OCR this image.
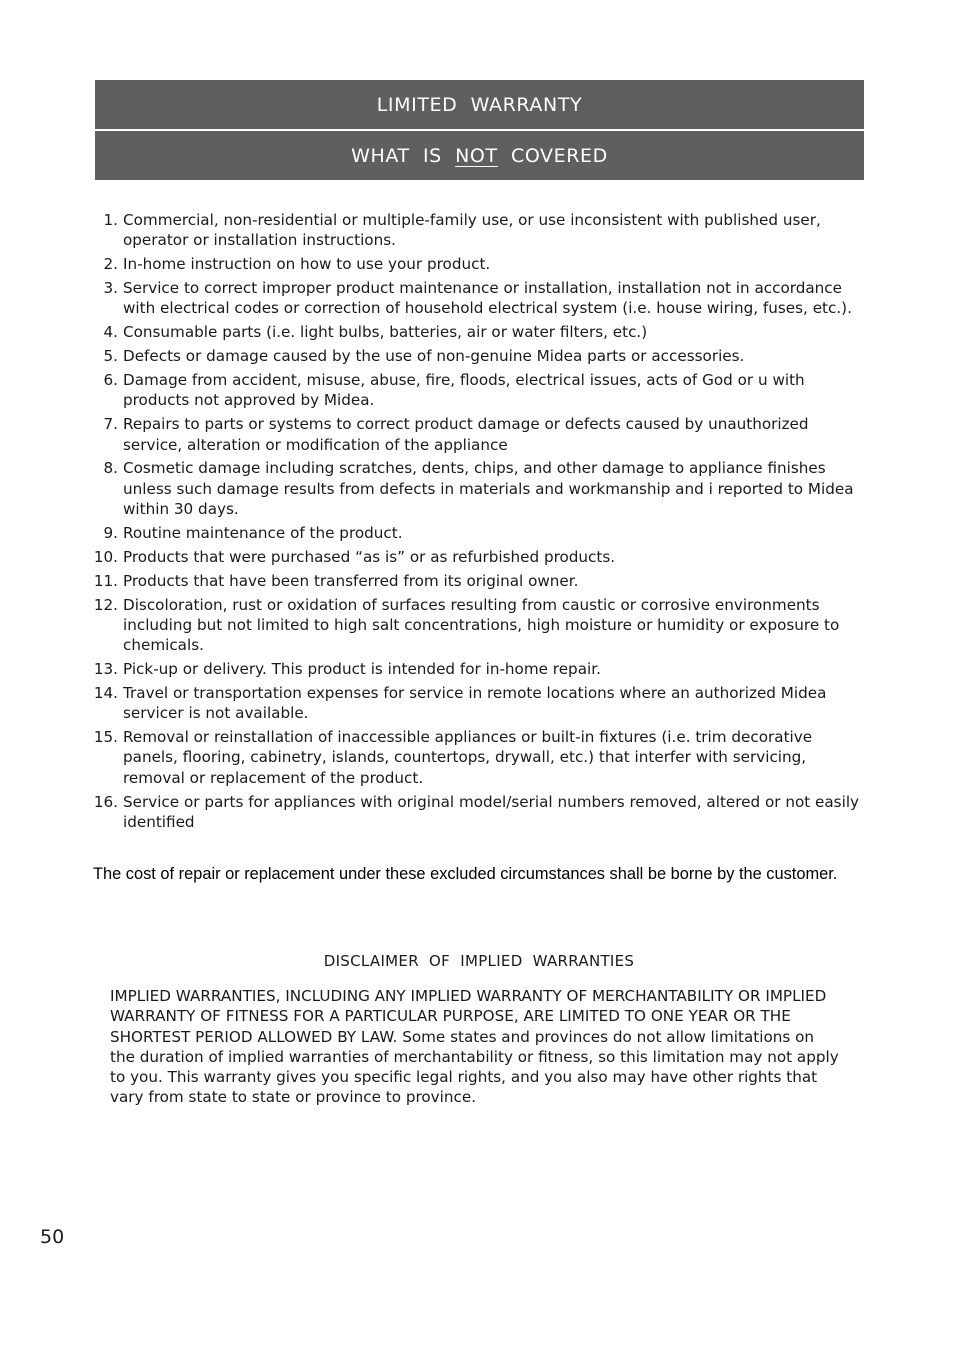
LIMITED  WARRANTY
WHAT  IS NOT COVERED
1. Commercial, non-residential or multiple-family use, or use inconsistent with published user, operator or installation instructions.
2. In-home instruction on how to use your product.
3. Service to correct improper product maintenance or installation, installation not in accordance with electrical codes or correction of household electrical system (i.e. house wiring, fuses, etc.).
4. Consumable parts (i.e. light bulbs, batteries, air or water filters, etc.)
5. Defects or damage caused by the use of non-genuine Midea parts or accessories.
6. Damage from accident, misuse, abuse, fire, floods, electrical issues, acts of God or u with products not approved by Midea.
7. Repairs to parts or systems to correct product damage or defects caused by unauthorized service, alteration or modification of the appliance
8. Cosmetic damage including scratches, dents, chips, and other damage to appliance finishes unless such damage results from defects in materials and workmanship and i reported to Midea within 30 days.
9. Routine maintenance of the product.
10. Products that were purchased “as is” or as refurbished products.
11. Products that have been transferred from its original owner.
12. Discoloration, rust or oxidation of surfaces resulting from caustic or corrosive environments including but not limited to high salt concentrations, high moisture or humidity or exposure to chemicals.
13. Pick-up or delivery. This product is intended for in-home repair.
14. Travel or transportation expenses for service in remote locations where an authorized Midea servicer is not available.
15. Removal or reinstallation of inaccessible appliances or built-in fixtures (i.e. trim decorative panels, flooring, cabinetry, islands, countertops, drywall, etc.) that interfer with servicing, removal or replacement of the product.
16. Service or parts for appliances with original model/serial numbers removed, altered or not easily identified

The cost of repair or replacement under these excluded circumstances shall be borne by the customer.

DISCLAIMER  OF  IMPLIED  WARRANTIES

IMPLIED WARRANTIES, INCLUDING ANY IMPLIED WARRANTY OF MERCHANTABILITY OR IMPLIED WARRANTY OF FITNESS FOR A PARTICULAR PURPOSE, ARE LIMITED TO ONE YEAR OR THE SHORTEST PERIOD ALLOWED BY LAW. Some states and provinces do not allow limitations on the duration of implied warranties of merchantability or fitness, so this limitation may not apply to you. This warranty gives you specific legal rights, and you also may have other rights that vary from state to state or province to province.

50
